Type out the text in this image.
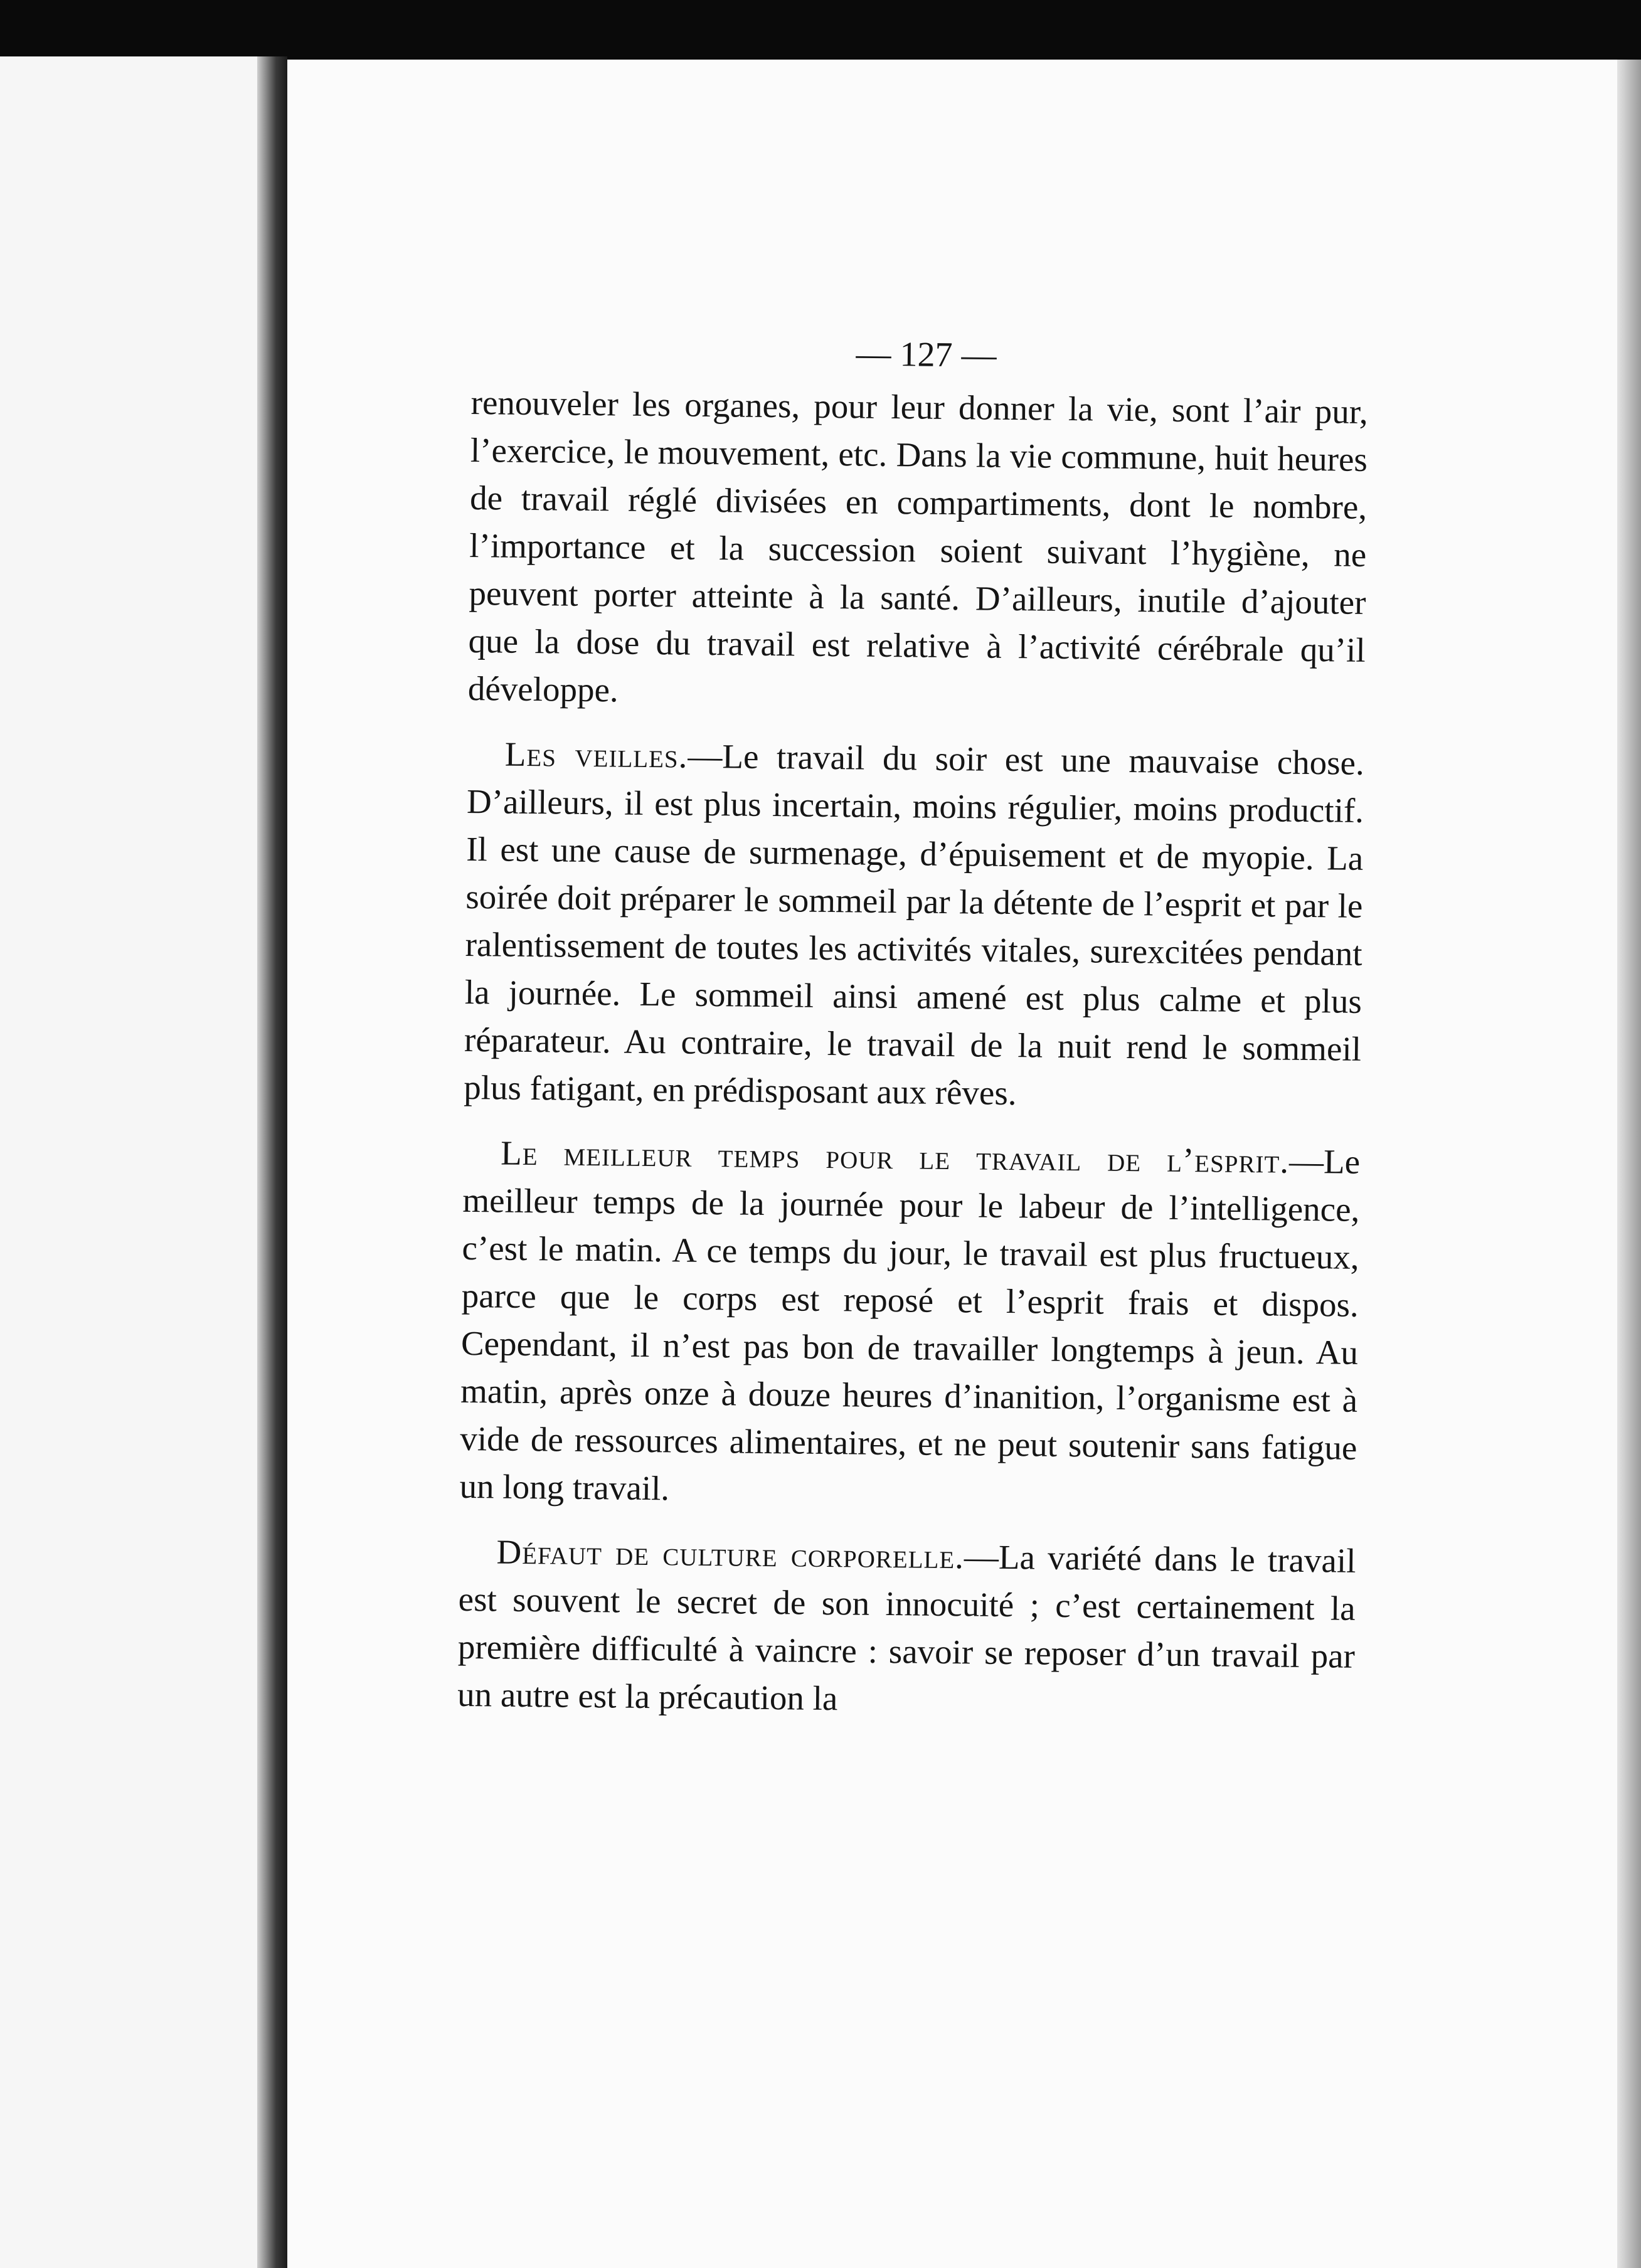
— 127 —

renouveler les organes, pour leur donner la vie, sont l’air pur, l’exercice, le mouvement, etc. Dans la vie commune, huit heures de travail réglé divisées en compartiments, dont le nombre, l’importance et la succession soient suivant l’hygiène, ne peuvent porter atteinte à la santé. D’ailleurs, inutile d’ajouter que la dose du travail est relative à l’activité cérébrale qu’il développe.

Les veilles.—Le travail du soir est une mauvaise chose. D’ailleurs, il est plus incertain, moins régulier, moins productif. Il est une cause de surmenage, d’épuisement et de myopie. La soirée doit préparer le sommeil par la détente de l’esprit et par le ralentissement de toutes les activités vitales, surexcitées pendant la journée. Le sommeil ainsi amené est plus calme et plus réparateur. Au contraire, le travail de la nuit rend le sommeil plus fatigant, en prédisposant aux rêves.

Le meilleur temps pour le travail de l’esprit.—Le meilleur temps de la journée pour le labeur de l’intelligence, c’est le matin. A ce temps du jour, le travail est plus fructueux, parce que le corps est reposé et l’esprit frais et dispos. Cependant, il n’est pas bon de travailler longtemps à jeun. Au matin, après onze à douze heures d’inanition, l’organisme est à vide de ressources alimentaires, et ne peut soutenir sans fatigue un long travail.

Défaut de culture corporelle.—La variété dans le travail est souvent le secret de son innocuité ; c’est certainement la première difficulté à vaincre : savoir se reposer d’un travail par un autre est la précaution la
